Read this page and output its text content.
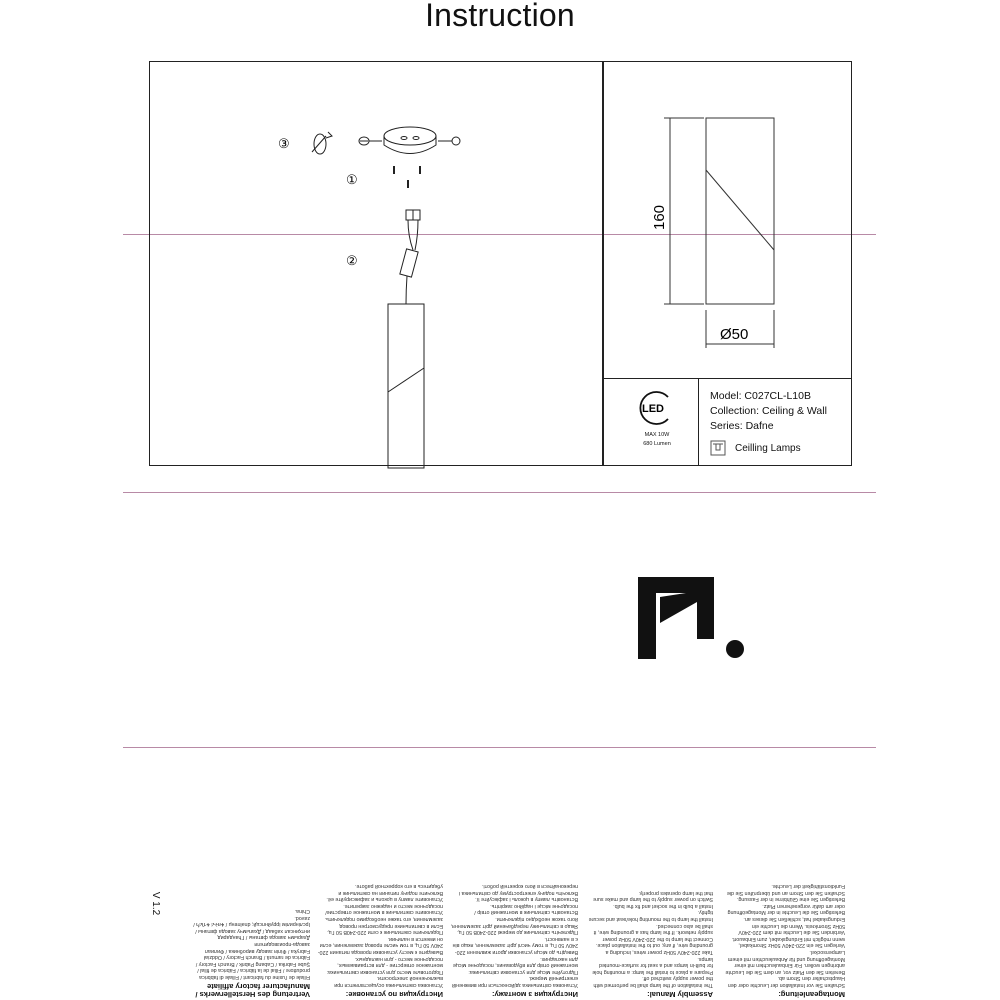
Instruction
③
①
②
160
Ø50
LED
MAX 10W
680 Lumen
Model: C027CL-L10B
Collection: Ceiling & Wall
Series: Dafne
Ceilling Lamps
Montageanleitung:

Schalten Sie vor Installation der Leuchte oder den Hauptschalter den Strom ab.

Bereiten Sie den Platz vor, an dem Sie die Leuchte anbringen wollen. Für Einbauleuchten mit einer Montageöffnung und für Anbauleuchten mit einem Lampensockel.

Verlegen Sie ein 220-240V 50Hz Stromkabel, wenn möglich mit Erdungskabel, zum Einbauort.

Verbinden Sie die Leuchte mit dem 220-240V 50Hz Stromkreis. Wenn die Leuchte ein Erdungskabel hat, schließen Sie dieses an.

Befestigen Sie die Leuchte in der Montageöffnung oder am dafür vorgesehenen Platz.

Befestigen Sie eine Glühbirne in der Fassung.

Schalten Sie den Strom an und überprüfen Sie die Funktionsfähigkeit der Leuchte.

Assembly Manual:

The installation of the lamp shall be performed with the power supply switched off.

Prepare a place to install the lamp: a mounting hole for built-in lamps and a seat for surface-mounted lamps.

Take 220-240V 50Hz power wires, including a grounding wire, if any, out to the installation place.

Connect the lamp to the 220-240V 50Hz power supply network. If the lamp has a grounding wire, it shall be also connected.

Install the lamp to the mounting hole/seat and secure tightly.

Install a bulb in the socket and fix the bulb.

Switch on power supply to the lamp and make sure that the lamp operates properly.

Инструкция з монтажу:

Установка світильника здійснюється при вимкненій електричній мережі.

Підготуйте місце для установки світильника: монтажний отвір для вбудованих, посадочне місце для накладних.

Виведіть до місця установки дроти живлення 220-240V 50 Гц, в тому числі дріт заземлення, якщо він є в наявності.

Підключіть світильник до мережі 220-240В 50 Гц. Якщо в світильнику передбачений дріт заземлення, його також необхідно підключити.

Встановіть світильник в монтажний отвір / посадочне місце і надійно закріпіть.

Встановіть лампу в цоколь і зафіксуйте її.

Включіть подачу електроструму до світильника і переконайтеся в його коректній роботі.

Инструкция по установке:

Установка светильника осуществляется при выключенной электросети.

Подготовьте место для установки светильника: монтажное отверстие - для встраиваемых, посадочное место - для накладных.

Выведите к месту установки провода питания 220-240V 50 Гц, в том числе провод заземления, если он имеется в наличии.

Подключите светильник к сети 220-240В 50 Гц. Если в светильнике предусмотрен провод заземления, его также необходимо подключить.

Установите светильник в монтажное отверстие/посадочное место и надежно закрепите.

Установите лампу в цоколь и зафиксируйте её.

Включите подачу питания на светильник и убедитесь в его корректной работе.

Vertretung des Herstellerwerks / Manufacturer factory affiliate

Filiale de l'usine du fabricant / Filiale di fabbrica produttore / Filial de la fábrica / Fábrica de filial / Şube Fabrika / Cabang Pabrik / Branch Factory / Fábrica de ramură / Branch Factory / Oddział Fabryka / Філія заводу виробника / Филиал завода-производителя

Дхарымч завода фвтаны / Гһандарид интҳинсал хабаад / Дхагымчу завода фвтаны / Ірслінрилім ірруйнпсцй; dnəlnɐнμ / ፋክትሪ ፋብሪካ / zavod.

China.

V 1.2
